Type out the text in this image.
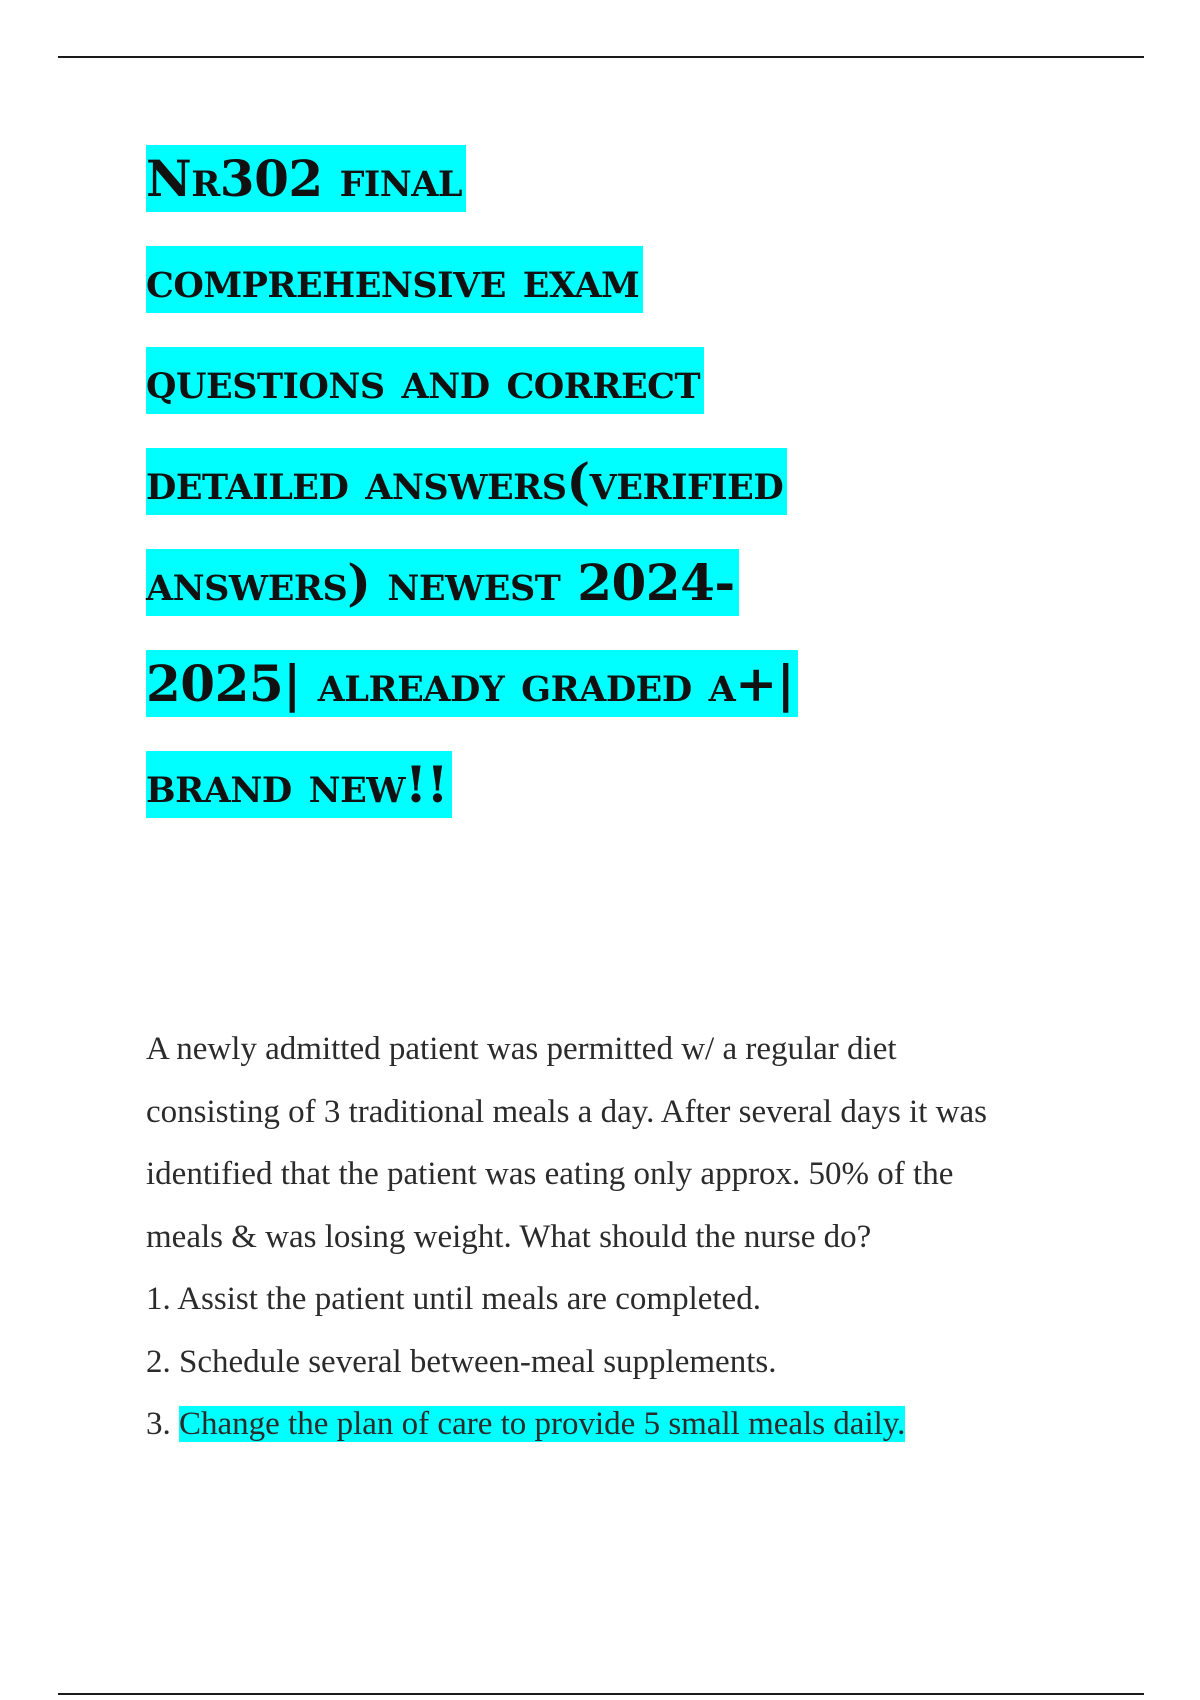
Nr302 final
comprehensive exam
questions and correct
detailed answers(verified
answers) newest 2024-
2025| already graded a+|
brand new!!
A newly admitted patient was permitted w/ a regular diet
consisting of 3 traditional meals a day. After several days it was
identified that the patient was eating only approx. 50% of the
meals & was losing weight. What should the nurse do?
1. Assist the patient until meals are completed.
2. Schedule several between-meal supplements.
3. Change the plan of care to provide 5 small meals daily.
